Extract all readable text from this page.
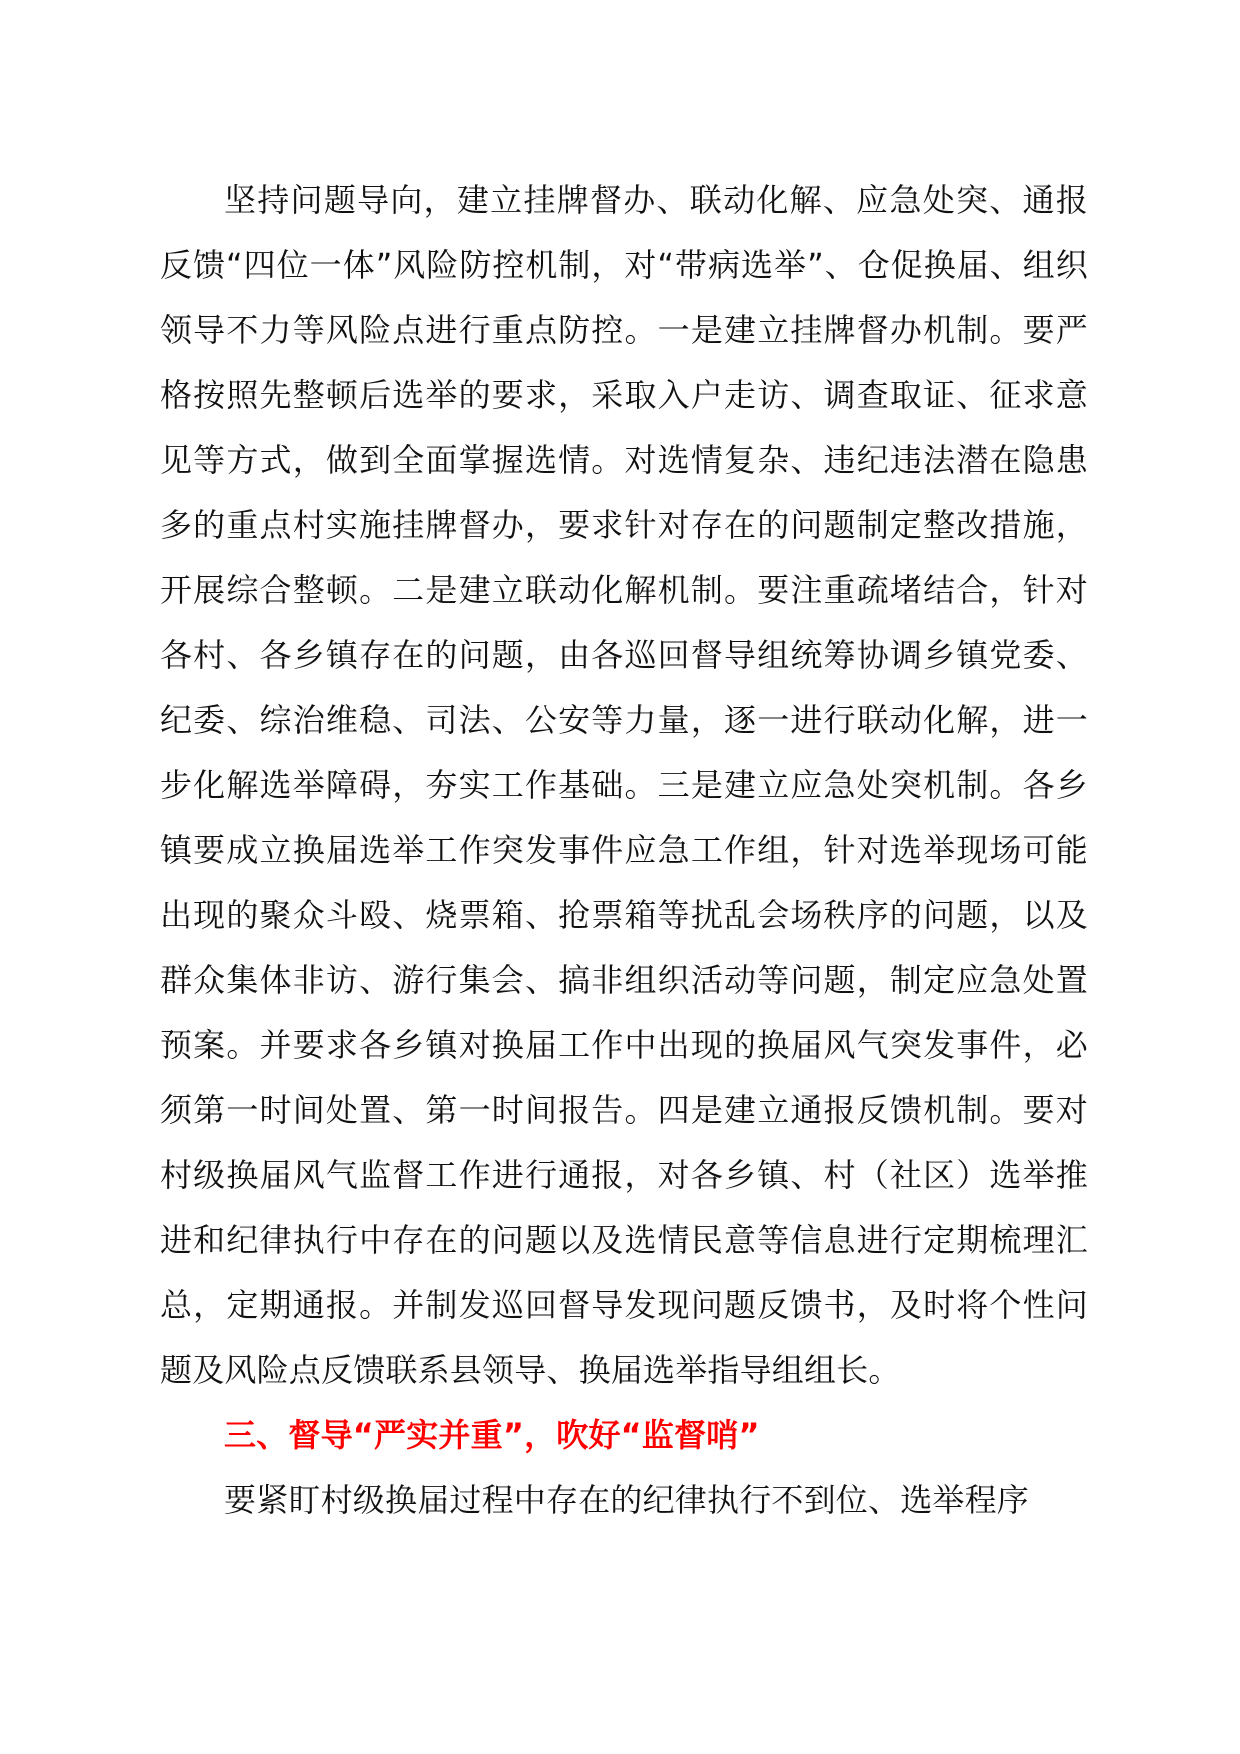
坚持问题导向，建立挂牌督办、联动化解、应急处突、通报反馈“四位一体”风险防控机制，对“带病选举”、仓促换届、组织领导不力等风险点进行重点防控。一是建立挂牌督办机制。要严格按照先整顿后选举的要求，采取入户走访、调查取证、征求意见等方式，做到全面掌握选情。对选情复杂、违纪违法潜在隐患多的重点村实施挂牌督办，要求针对存在的问题制定整改措施，开展综合整顿。二是建立联动化解机制。要注重疏堵结合，针对各村、各乡镇存在的问题，由各巡回督导组统筹协调乡镇党委、纪委、综治维稳、司法、公安等力量，逐一进行联动化解，进一步化解选举障碍，夯实工作基础。三是建立应急处突机制。各乡镇要成立换届选举工作突发事件应急工作组，针对选举现场可能出现的聚众斗殴、烧票箱、抢票箱等扰乱会场秩序的问题，以及群众集体非访、游行集会、搞非组织活动等问题，制定应急处置预案。并要求各乡镇对换届工作中出现的换届风气突发事件，必须第一时间处置、第一时间报告。四是建立通报反馈机制。要对村级换届风气监督工作进行通报，对各乡镇、村（社区）选举推进和纪律执行中存在的问题以及选情民意等信息进行定期梳理汇总，定期通报。并制发巡回督导发现问题反馈书，及时将个性问题及风险点反馈联系县领导、换届选举指导组组长。

三、督导“严实并重”，吹好“监督哨”

要紧盯村级换届过程中存在的纪律执行不到位、选举程序
